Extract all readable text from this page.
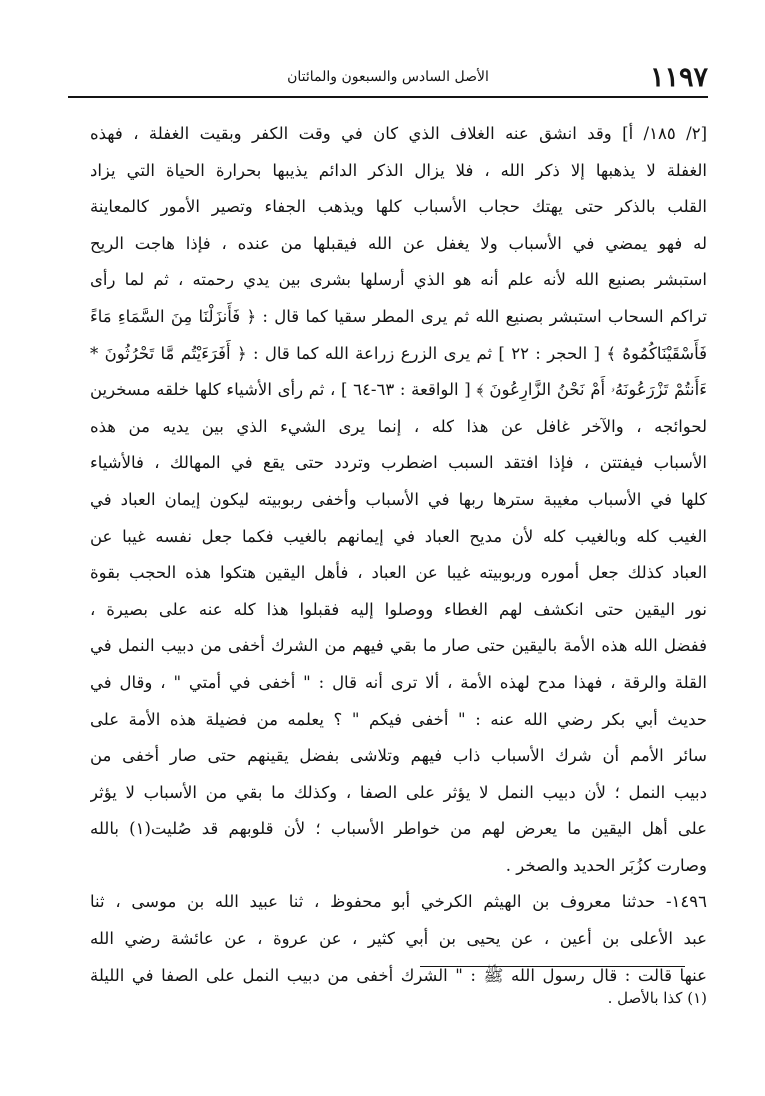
١١٩٧
الأصل السادس والسبعون والمائتان
[٢/ ١٨٥/ أ] وقد انشق عنه الغلاف الذي كان في وقت الكفر وبقيت الغفلة ، فهذه
الغفلة لا يذهبها إلا ذكر الله ، فلا يزال الذكر الدائم يذيبها بحرارة الحياة التي يزاد
القلب بالذكر حتى يهتك حجاب الأسباب كلها ويذهب الجفاء وتصير الأمور كالمعاينة
له فهو يمضي في الأسباب ولا يغفل عن الله فيقبلها من عنده ، فإذا هاجت الريح
استبشر بصنيع الله لأنه علم أنه هو الذي أرسلها بشرى بين يدي رحمته ، ثم لما رأى
تراكم السحاب استبشر بصنيع الله ثم يرى المطر سقيا كما قال : ﴿ فَأَنزَلْنَا مِنَ السَّمَاءِ مَاءً
فَأَسْقَيْنَاكُمُوهُ ﴾ [ الحجر : ٢٢ ] ثم يرى الزرع زراعة الله كما قال : ﴿ أَفَرَءَيْتُم مَّا تَحْرُثُونَ *
ءَأَنتُمْ تَزْرَعُونَهُۥ أَمْ نَحْنُ الزَّارِعُونَ ﴾ [ الواقعة : ٦٣-٦٤ ] ، ثم رأى الأشياء كلها خلقه مسخرين
لحوائجه ، والآخر غافل عن هذا كله ، إنما يرى الشيء الذي بين يديه من هذه
الأسباب فيفتتن ، فإذا افتقد السبب اضطرب وتردد حتى يقع في المهالك ، فالأشياء
كلها في الأسباب مغيبة سترها ربها في الأسباب وأخفى ربوبيته ليكون إيمان العباد في
الغيب كله وبالغيب كله لأن مديح العباد في إيمانهم بالغيب فكما جعل نفسه غيبا عن
العباد كذلك جعل أموره وربوبيته غيبا عن العباد ، فأهل اليقين هتكوا هذه الحجب بقوة
نور اليقين حتى انكشف لهم الغطاء ووصلوا إليه فقبلوا هذا كله عنه على بصيرة ،
ففضل الله هذه الأمة باليقين حتى صار ما بقي فيهم من الشرك أخفى من دبيب النمل في
القلة والرقة ، فهذا مدح لهذه الأمة ، ألا ترى أنه قال : " أخفى في أمتي " ، وقال في
حديث أبي بكر رضي الله عنه : " أخفى فيكم " ؟ يعلمه من فضيلة هذه الأمة على
سائر الأمم أن شرك الأسباب ذاب فيهم وتلاشى بفضل يقينهم حتى صار أخفى من
دبيب النمل ؛ لأن دبيب النمل لا يؤثر على الصفا ، وكذلك ما بقي من الأسباب لا يؤثر
على أهل اليقين ما يعرض لهم من خواطر الأسباب ؛ لأن قلوبهم قد صُليت(١) بالله
وصارت كزُبَر الحديد والصخر .
١٤٩٦- حدثنا معروف بن الهيثم الكرخي أبو محفوظ ، ثنا عبيد الله بن موسى ، ثنا
عبد الأعلى بن أعين ، عن يحيى بن أبي كثير ، عن عروة ، عن عائشة رضي الله
عنها قالت : قال رسول الله ﷺ : " الشرك أخفى من دبيب النمل على الصفا في الليلة
(١) كذا بالأصل .
